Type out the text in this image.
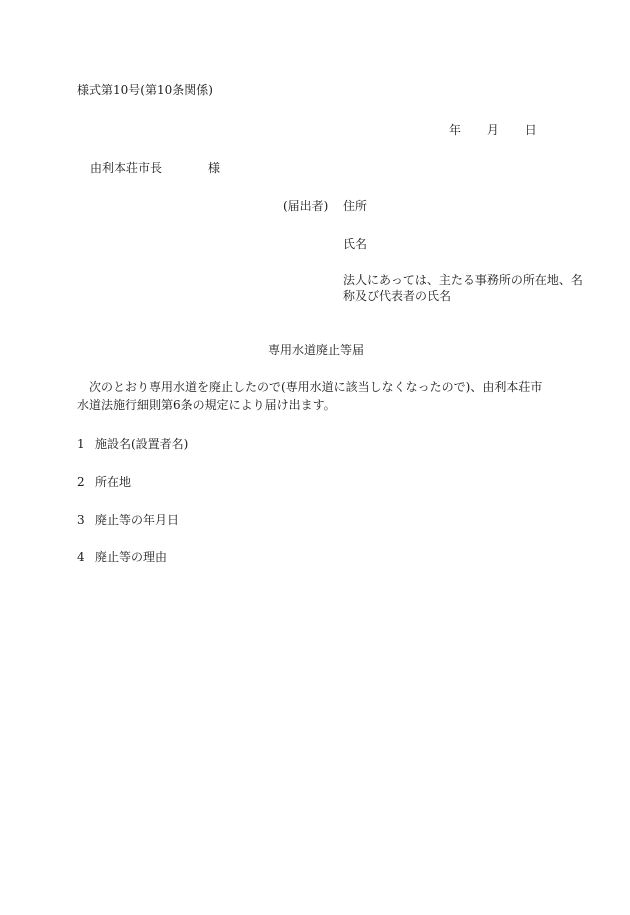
様式第10号(第10条関係)
年 月 日
由利本荘市長	様
(届出者) 住所
氏名
法人にあっては、主たる事務所の所在地、名称及び代表者の氏名
専用水道廃止等届
次のとおり専用水道を廃止したので(専用水道に該当しなくなったので)、由利本荘市水道法施行細則第6条の規定により届け出ます。
1 施設名(設置者名)
2 所在地
3 廃止等の年月日
4 廃止等の理由
